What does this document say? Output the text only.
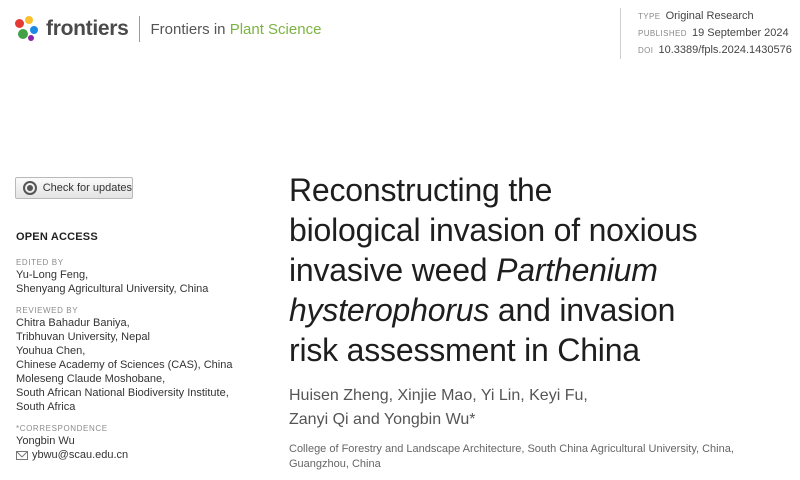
frontiers Frontiers in Plant Science
TYPE Original Research
PUBLISHED 19 September 2024
DOI 10.3389/fpls.2024.1430576
Check for updates
OPEN ACCESS
EDITED BY
Yu-Long Feng,
Shenyang Agricultural University, China
REVIEWED BY
Chitra Bahadur Baniya,
Tribhuvan University, Nepal
Youhua Chen,
Chinese Academy of Sciences (CAS), China
Moleseng Claude Moshobane,
South African National Biodiversity Institute,
South Africa
*CORRESPONDENCE
Yongbin Wu
ybwu@scau.edu.cn
Reconstructing the
biological invasion of noxious
invasive weed Parthenium
hysterophorus and invasion
risk assessment in China
Huisen Zheng, Xinjie Mao, Yi Lin, Keyi Fu,
Zanyi Qi and Yongbin Wu*
College of Forestry and Landscape Architecture, South China Agricultural University, China,
Guangzhou, China
